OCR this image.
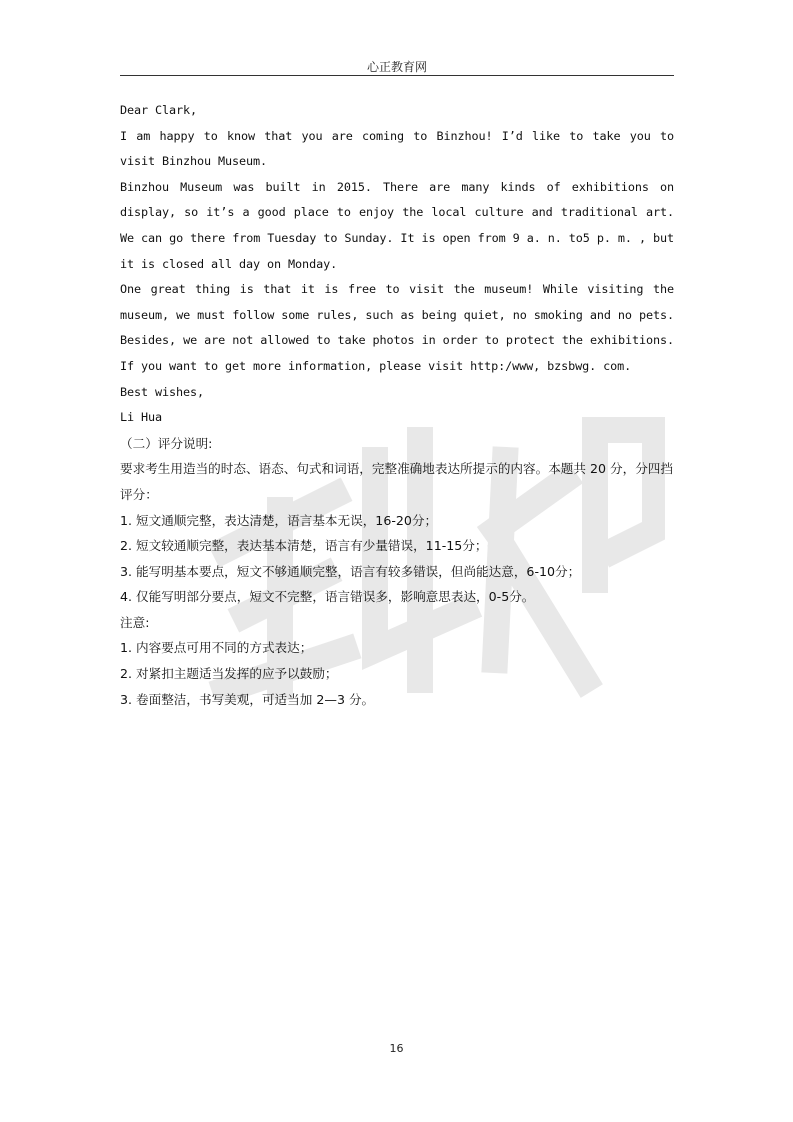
心正教育网

Dear Clark,

I am happy to know that you are coming to Binzhou! I’d like to take you to visit Binzhou Museum.

Binzhou Museum was built in 2015. There are many kinds of exhibitions on display, so it’s a good place to enjoy the local culture and traditional art. We can go there from Tuesday to Sunday. It is open from 9 a. n. to5 p. m. , but it is closed all day on Monday.

One great thing is that it is free to visit the museum! While visiting the museum, we must follow some rules, such as being quiet, no smoking and no pets. Besides, we are not allowed to take photos in order to protect the exhibitions. If you want to get more information, please visit http:/www, bzsbwg. com.

Best wishes,

Li Hua

（二）评分说明:

要求考生用造当的时态、语态、句式和词语，完整准确地表达所提示的内容。本题共 20 分，分四挡评分：

1. 短文通顺完整，表达清楚，语言基本无误，16-20分；

2. 短文较通顺完整，表达基本清楚，语言有少量错误，11-15分；

3. 能写明基本要点，短文不够通顺完整，语言有较多错误，但尚能达意，6-10分；

4. 仅能写明部分要点，短文不完整，语言错误多，影响意思表达，0-5分。

注意:

1. 内容要点可用不同的方式表达；

2. 对紧扣主题适当发挥的应予以鼓励；

3. 卷面整洁，书写美观，可适当加 2—3 分。

16
